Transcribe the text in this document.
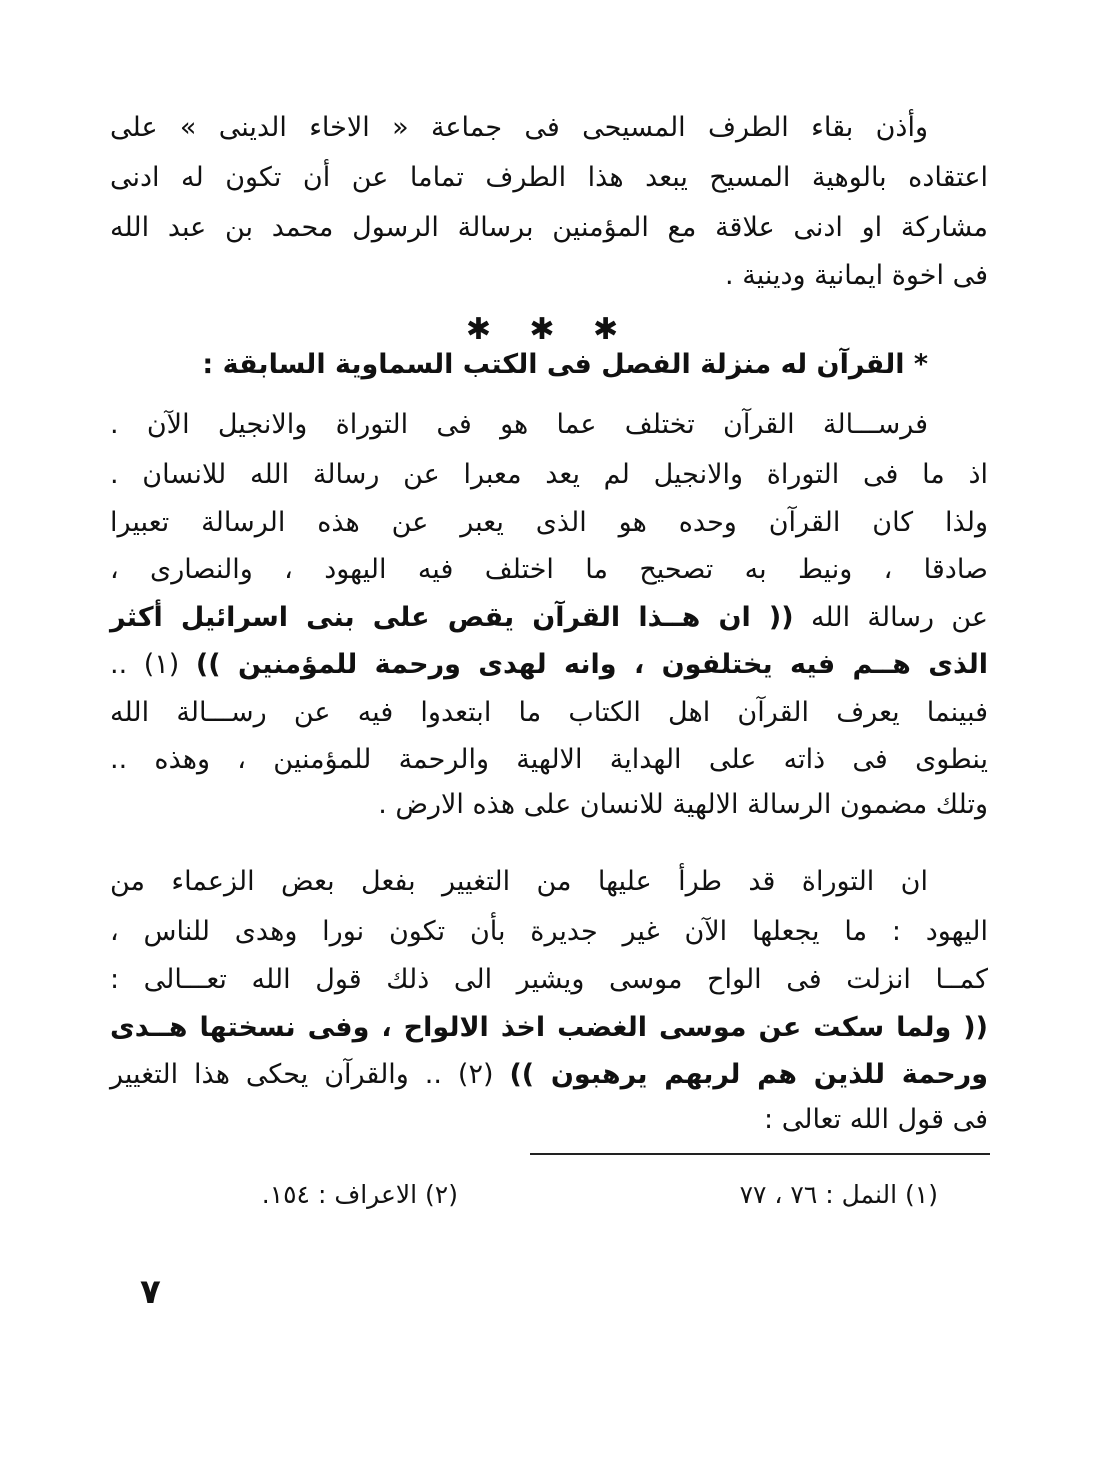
وأذن بقاء الطرف المسيحى فى جماعة « الاخاء الدينى » على
اعتقاده بالوهية المسيح يبعد هذا الطرف تماما عن أن تكون له ادنى
مشاركة او ادنى علاقة مع المؤمنين برسالة الرسول محمد بن عبد الله
فى اخوة ايمانية ودينية .
✱ ✱ ✱
* القرآن له منزلة الفصل فى الكتب السماوية السابقة :
فرســـالة القرآن تختلف عما هو فى التوراة والانجيل الآن .
اذ ما فى التوراة والانجيل لم يعد معبرا عن رسالة الله للانسان .
ولذا كان القرآن وحده هو الذى يعبر عن هذه الرسالة تعبيرا
صادقا ، ونيط به تصحيح ما اختلف فيه اليهود ، والنصارى ،
عن رسالة الله (( ان هــذا القرآن يقص على بنى اسرائيل أكثر
الذى هــم فيه يختلفون ، وانه لهدى ورحمة للمؤمنين )) (١) ..
فبينما يعرف القرآن اهل الكتاب ما ابتعدوا فيه عن رســـالة الله
ينطوى فى ذاته على الهداية الالهية والرحمة للمؤمنين ، وهذه ..
وتلك مضمون الرسالة الالهية للانسان على هذه الارض .
ان التوراة قد طرأ عليها من التغيير بفعل بعض الزعماء من
اليهود : ما يجعلها الآن غير جديرة بأن تكون نورا وهدى للناس ،
كمــا انزلت فى الواح موسى ويشير الى ذلك قول الله تعـــالى :
(( ولما سكت عن موسى الغضب اخذ الالواح ، وفى نسختها هــدى
ورحمة للذين هم لربهم يرهبون )) (٢) .. والقرآن يحكى هذا التغيير
فى قول الله تعالى :
(١) النمل : ٧٦ ، ٧٧
(٢) الاعراف : ١٥٤.
٧
